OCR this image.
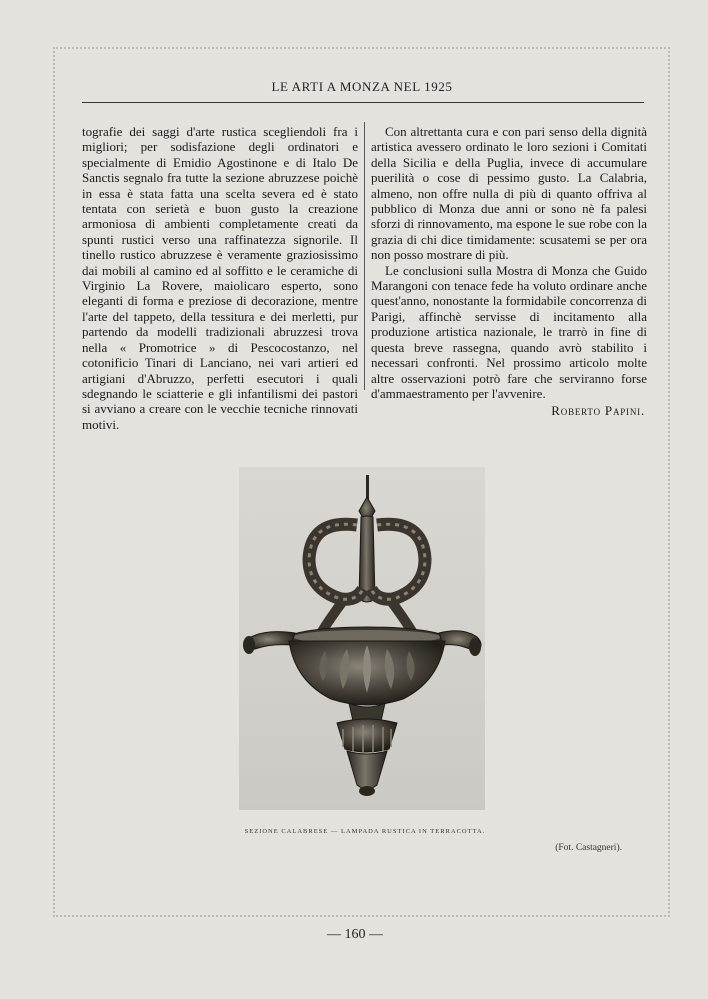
LE ARTI A MONZA NEL 1925

tografie dei saggi d'arte rustica scegliendoli fra i migliori; per sodisfazione degli ordinatori e specialmente di Emidio Agostinone e di Italo De Sanctis segnalo fra tutte la sezione abruzzese poichè in essa è stata fatta una scelta severa ed è stato tentata con serietà e buon gusto la creazione armoniosa di ambienti completamente creati da spunti rustici verso una raffinatezza signorile. Il tinello rustico abruzzese è veramente graziosissimo dai mobili al camino ed al soffitto e le ceramiche di Virginio La Rovere, maiolicaro esperto, sono eleganti di forma e preziose di decorazione, mentre l'arte del tappeto, della tessitura e dei merletti, pur partendo da modelli tradizionali abruzzesi trova nella « Promotrice » di Pescocostanzo, nel cotonificio Tinari di Lanciano, nei vari artieri ed artigiani d'Abruzzo, perfetti esecutori i quali sdegnando le sciatterie e gli infantilismi dei pastori si avviano a creare con le vecchie tecniche rinnovati motivi.

Con altrettanta cura e con pari senso della dignità artistica avessero ordinato le loro sezioni i Comitati della Sicilia e della Puglia, invece di accumulare puerilità o cose di pessimo gusto. La Calabria, almeno, non offre nulla di più di quanto offriva al pubblico di Monza due anni or sono nè fa palesi sforzi di rinnovamento, ma espone le sue robe con la grazia di chi dice timidamente: scusatemi se per ora non posso mostrare di più.

Le conclusioni sulla Mostra di Monza che Guido Marangoni con tenace fede ha voluto ordinare anche quest'anno, nonostante la formidabile concorrenza di Parigi, affinchè servisse di incitamento alla produzione artistica nazionale, le trarrò in fine di questa breve rassegna, quando avrò stabilito i necessari confronti. Nel prossimo articolo molte altre osservazioni potrò fare che serviranno forse d'ammaestramento per l'avvenire.

Roberto Papini.

SEZIONE CALABRESE — LAMPADA RUSTICA IN TERRACOTTA.
(Fot. Castagneri).
— 160 —
